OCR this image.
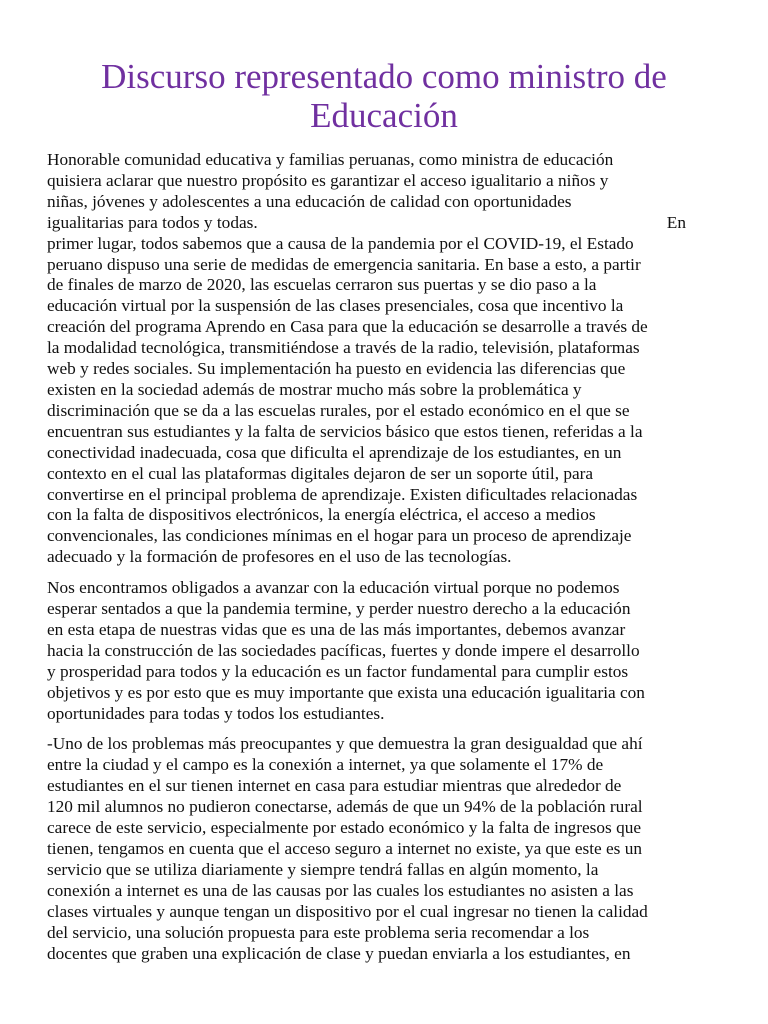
Discurso representado como ministro de
Educación

Honorable comunidad educativa y familias peruanas, como ministra de educación
quisiera aclarar que nuestro propósito es garantizar el acceso igualitario a niños y
niñas, jóvenes y adolescentes a una educación de calidad con oportunidades
igualitarias para todos y todas.	En
primer lugar, todos sabemos que a causa de la pandemia por el COVID-19, el Estado
peruano dispuso una serie de medidas de emergencia sanitaria. En base a esto, a partir
de finales de marzo de 2020, las escuelas cerraron sus puertas y se dio paso a la
educación virtual por la suspensión de las clases presenciales, cosa que incentivo la
creación del programa Aprendo en Casa para que la educación se desarrolle a través de
la modalidad tecnológica, transmitiéndose a través de la radio, televisión, plataformas
web y redes sociales. Su implementación ha puesto en evidencia las diferencias que
existen en la sociedad además de mostrar mucho más sobre la problemática y
discriminación que se da a las escuelas rurales, por el estado económico en el que se
encuentran sus estudiantes y la falta de servicios básico que estos tienen, referidas a la
conectividad inadecuada, cosa que dificulta el aprendizaje de los estudiantes, en un
contexto en el cual las plataformas digitales dejaron de ser un soporte útil, para
convertirse en el principal problema de aprendizaje. Existen dificultades relacionadas
con la falta de dispositivos electrónicos, la energía eléctrica, el acceso a medios
convencionales, las condiciones mínimas en el hogar para un proceso de aprendizaje
adecuado y la formación de profesores en el uso de las tecnologías.

Nos encontramos obligados a avanzar con la educación virtual porque no podemos
esperar sentados a que la pandemia termine, y perder nuestro derecho a la educación
en esta etapa de nuestras vidas que es una de las más importantes, debemos avanzar
hacia la construcción de las sociedades pacíficas, fuertes y donde impere el desarrollo
y prosperidad para todos y la educación es un factor fundamental para cumplir estos
objetivos y es por esto que es muy importante que exista una educación igualitaria con
oportunidades para todas y todos los estudiantes.

-Uno de los problemas más preocupantes y que demuestra la gran desigualdad que ahí
entre la ciudad y el campo es la conexión a internet, ya que solamente el 17% de
estudiantes en el sur tienen internet en casa para estudiar mientras que alrededor de
120 mil alumnos no pudieron conectarse, además de que un 94% de la población rural
carece de este servicio, especialmente por estado económico y la falta de ingresos que
tienen, tengamos en cuenta que el acceso seguro a internet no existe, ya que este es un
servicio que se utiliza diariamente y siempre tendrá fallas en algún momento, la
conexión a internet es una de las causas por las cuales los estudiantes no asisten a las
clases virtuales y aunque tengan un dispositivo por el cual ingresar no tienen la calidad
del servicio, una solución propuesta para este problema seria recomendar a los
docentes que graben una explicación de clase y puedan enviarla a los estudiantes, en
